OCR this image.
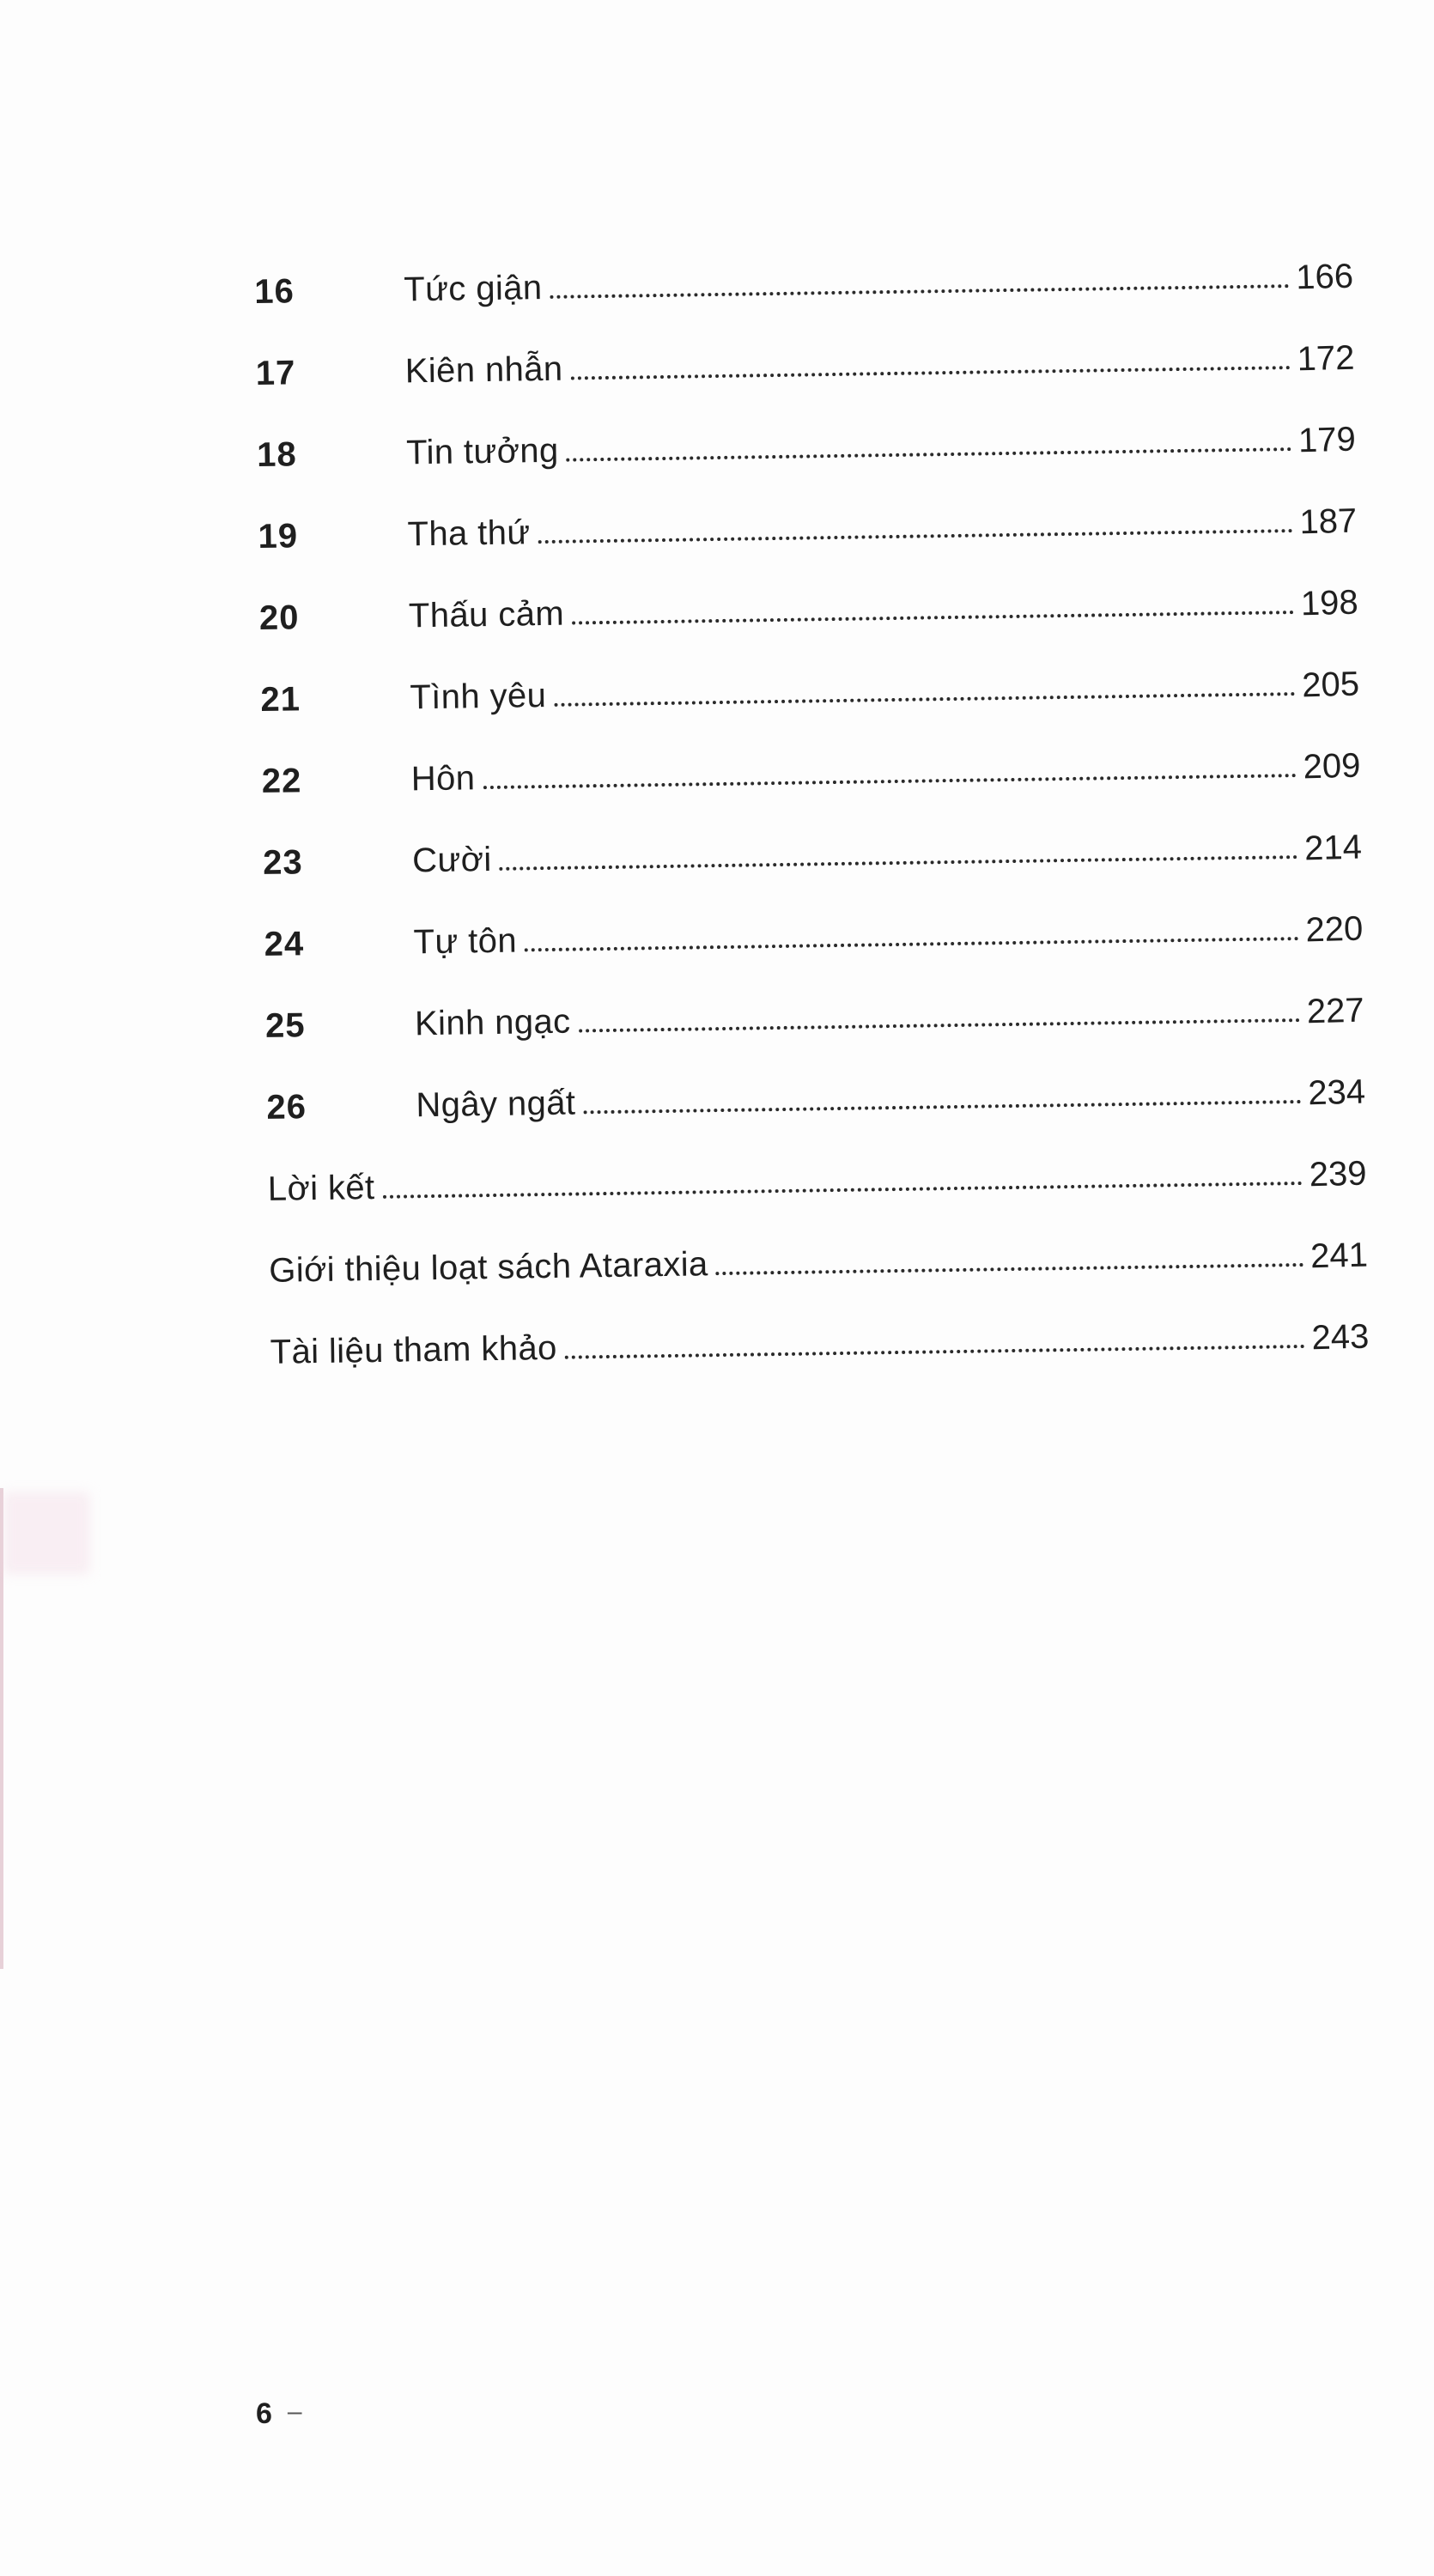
16	Tức giận	166
17	Kiên nhẫn	172
18	Tin tưởng	179
19	Tha thứ	187
20	Thấu cảm	198
21	Tình yêu	205
22	Hôn	209
23	Cười	214
24	Tự tôn	220
25	Kinh ngạc	227
26	Ngây ngất	234
Lời kết	239
Giới thiệu loạt sách Ataraxia	241
Tài liệu tham khảo	243
6 –
